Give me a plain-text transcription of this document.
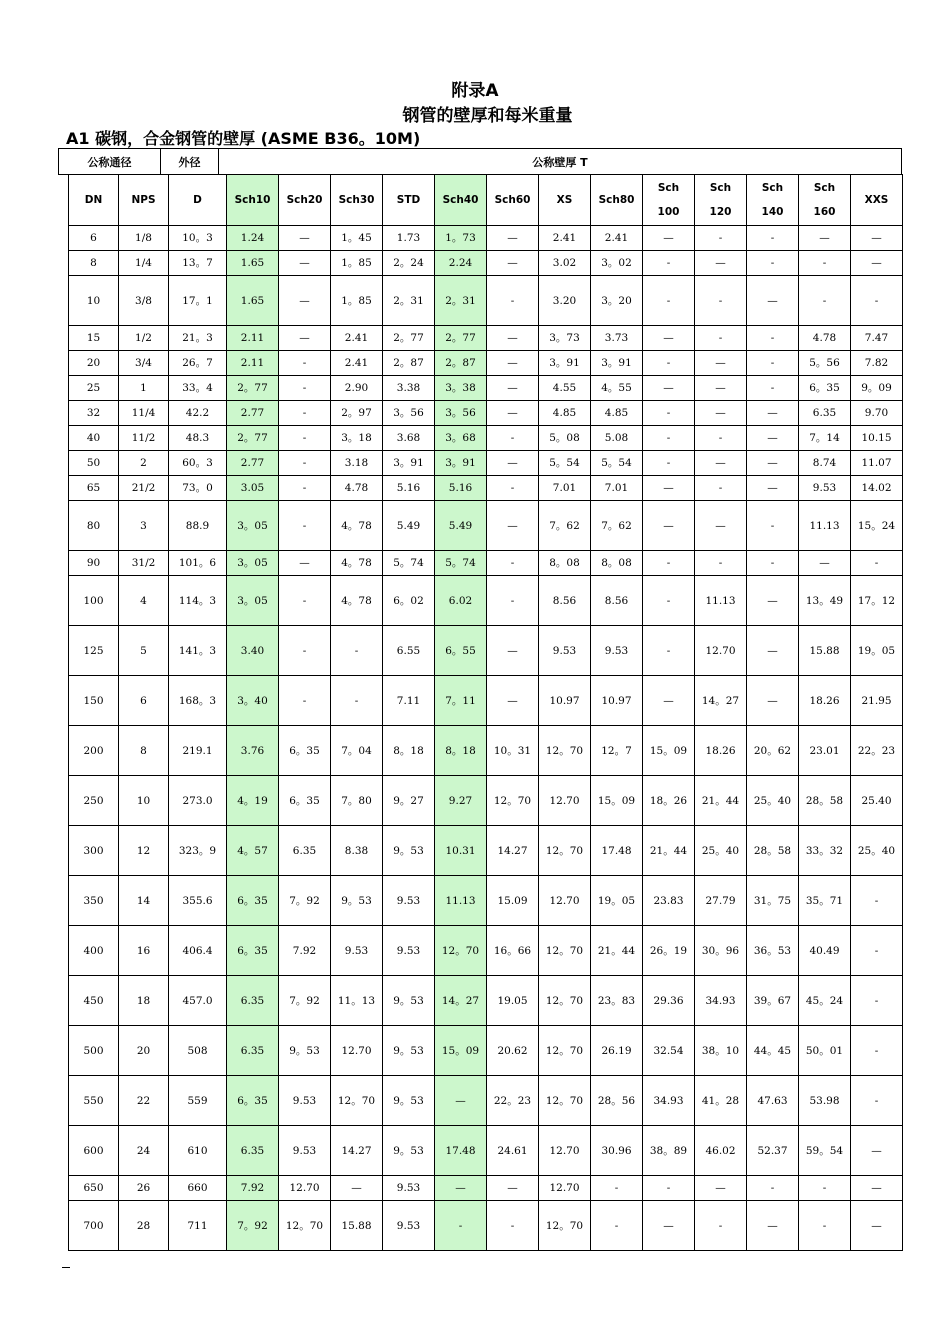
附录A
钢管的壁厚和每米重量
A1 碳钢，合金钢管的壁厚 (ASME B36。10M)
公称通径	外径	公称壁厚 T
DN	NPS	D	Sch10	Sch20	Sch30	STD	Sch40	Sch60	XS	Sch80	Sch 100	Sch 120	Sch 140	Sch 160	XXS
6	1/8	10。3	1.24	—	1。45	1.73	1。73	—	2.41	2.41	—	-	-	—	—
8	1/4	13。7	1.65	—	1。85	2。24	2.24	—	3.02	3。02	-	—	-	-	—
10	3/8	17。1	1.65	—	1。85	2。31	2。31	-	3.20	3。20	-	-	—	-	-
15	1/2	21。3	2.11	—	2.41	2。77	2。77	—	3。73	3.73	—	-	-	4.78	7.47
20	3/4	26。7	2.11	-	2.41	2。87	2。87	—	3。91	3。91	-	—	-	5。56	7.82
25	1	33。4	2。77	-	2.90	3.38	3。38	—	4.55	4。55	—	—	-	6。35	9。09
32	11/4	42.2	2.77	-	2。97	3。56	3。56	—	4.85	4.85	-	—	—	6.35	9.70
40	11/2	48.3	2。77	-	3。18	3.68	3。68	-	5。08	5.08	-	-	—	7。14	10.15
50	2	60。3	2.77	-	3.18	3。91	3。91	—	5。54	5。54	-	—	—	8.74	11.07
65	21/2	73。0	3.05	-	4.78	5.16	5.16	-	7.01	7.01	—	-	—	9.53	14.02
80	3	88.9	3。05	-	4。78	5.49	5.49	—	7。62	7。62	—	—	-	11.13	15。24
90	31/2	101。6	3。05	—	4。78	5。74	5。74	-	8。08	8。08	-	-	-	—	-
100	4	114。3	3。05	-	4。78	6。02	6.02	-	8.56	8.56	-	11.13	—	13。49	17。12
125	5	141。3	3.40	-	-	6.55	6。55	—	9.53	9.53	-	12.70	—	15.88	19。05
150	6	168。3	3。40	-	-	7.11	7。11	—	10.97	10.97	—	14。27	—	18.26	21.95
200	8	219.1	3.76	6。35	7。04	8。18	8。18	10。31	12。70	12。7	15。09	18.26	20。62	23.01	22。23
250	10	273.0	4。19	6。35	7。80	9。27	9.27	12。70	12.70	15。09	18。26	21。44	25。40	28。58	25.40
300	12	323。9	4。57	6.35	8.38	9。53	10.31	14.27	12。70	17.48	21。44	25。40	28。58	33。32	25。40
350	14	355.6	6。35	7。92	9。53	9.53	11.13	15.09	12.70	19。05	23.83	27.79	31。75	35。71	-
400	16	406.4	6。35	7.92	9.53	9.53	12。70	16。66	12。70	21。44	26。19	30。96	36。53	40.49	-
450	18	457.0	6.35	7。92	11。13	9。53	14。27	19.05	12。70	23。83	29.36	34.93	39。67	45。24	-
500	20	508	6.35	9。53	12.70	9。53	15。09	20.62	12。70	26.19	32.54	38。10	44。45	50。01	-
550	22	559	6。35	9.53	12。70	9。53	—	22。23	12。70	28。56	34.93	41。28	47.63	53.98	-
600	24	610	6.35	9.53	14.27	9。53	17.48	24.61	12.70	30.96	38。89	46.02	52.37	59。54	—
650	26	660	7.92	12.70	—	9.53	—	—	12.70	-	-	—	-	-	—
700	28	711	7。92	12。70	15.88	9.53	-	-	12。70	-	—	-	—	-	—
